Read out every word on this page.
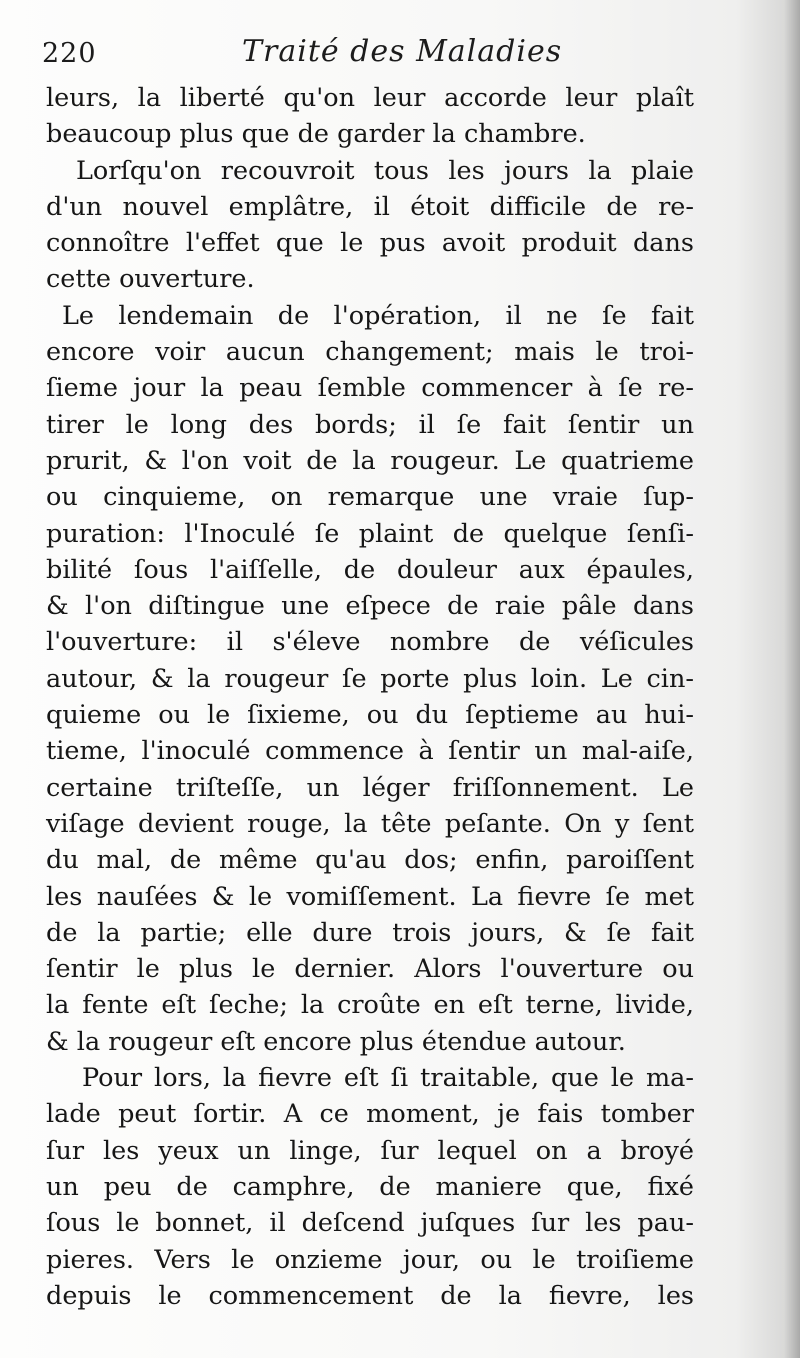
220	Traité des Maladies
leurs, la liberté qu'on leur accorde leur plaît
beaucoup plus que de garder la chambre.
Lorſqu'on recouvroit tous les jours la plaie
d'un nouvel emplâtre, il étoit difficile de re-
connoître l'effet que le pus avoit produit dans
cette ouverture.
Le lendemain de l'opération, il ne ſe fait
encore voir aucun changement; mais le troi-
ſieme jour la peau ſemble commencer à ſe re-
tirer le long des bords; il ſe fait ſentir un
prurit, & l'on voit de la rougeur. Le quatrieme
ou cinquieme, on remarque une vraie ſup-
puration: l'Inoculé ſe plaint de quelque ſenſi-
bilité ſous l'aiſſelle, de douleur aux épaules,
& l'on diſtingue une eſpece de raie pâle dans
l'ouverture: il s'éleve nombre de véſicules
autour, & la rougeur ſe porte plus loin. Le cin-
quieme ou le ſixieme, ou du ſeptieme au hui-
tieme, l'inoculé commence à ſentir un mal-aiſe,
certaine triſteſſe, un léger friſſonnement. Le
viſage devient rouge, la tête peſante. On y ſent
du mal, de même qu'au dos; enfin, paroiſſent
les nauſées & le vomiſſement. La fievre ſe met
de la partie; elle dure trois jours, & ſe fait
ſentir le plus le dernier. Alors l'ouverture ou
la fente eſt ſeche; la croûte en eſt terne, livide,
& la rougeur eſt encore plus étendue autour.
Pour lors, la fievre eſt ſi traitable, que le ma-
lade peut ſortir. A ce moment, je fais tomber
ſur les yeux un linge, ſur lequel on a broyé
un peu de camphre, de maniere que, fixé
ſous le bonnet, il deſcend juſques ſur les pau-
pieres. Vers le onzieme jour, ou le troiſieme
depuis le commencement de la fievre, les
